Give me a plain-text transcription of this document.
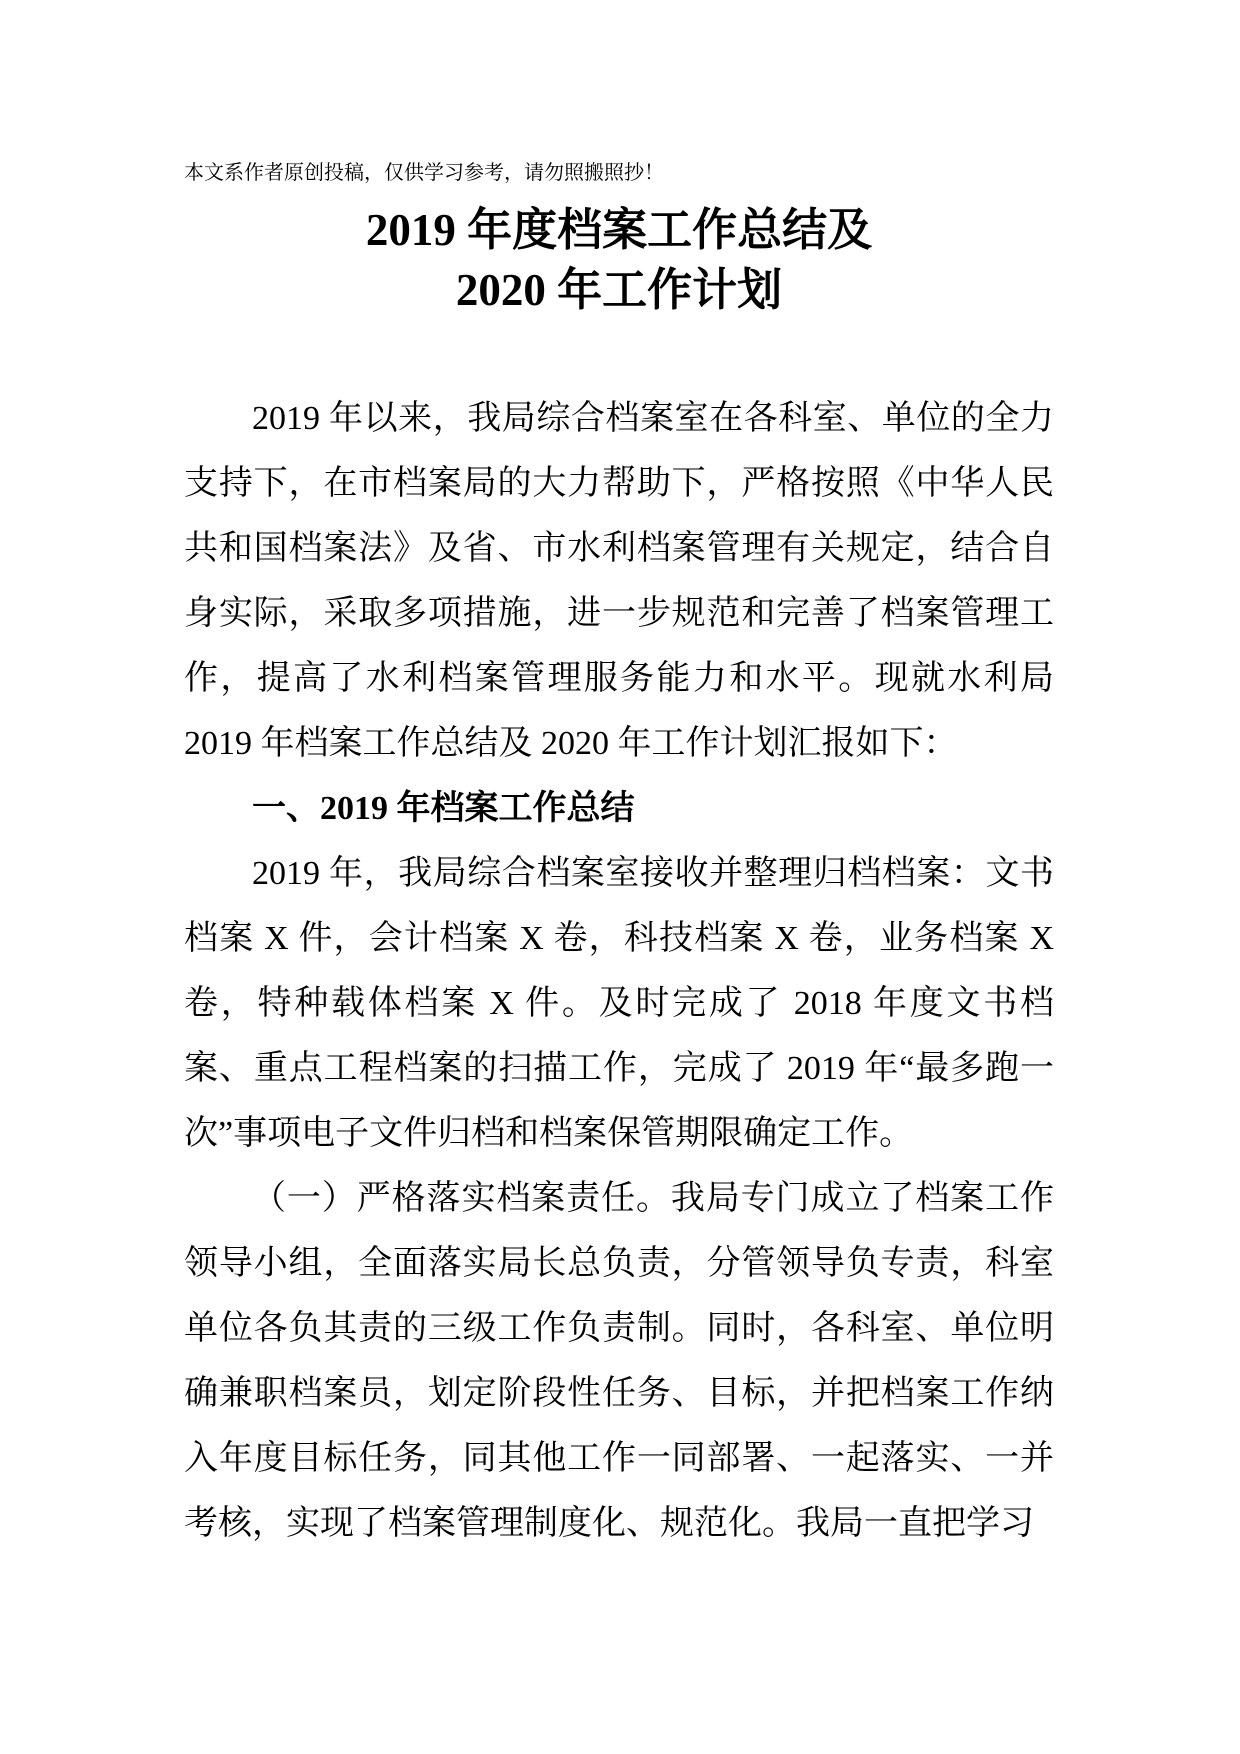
本文系作者原创投稿，仅供学习参考，请勿照搬照抄！

2019 年度档案工作总结及
2020 年工作计划

2019 年以来，我局综合档案室在各科室、单位的全力支持下，在市档案局的大力帮助下，严格按照《中华人民共和国档案法》及省、市水利档案管理有关规定，结合自身实际，采取多项措施，进一步规范和完善了档案管理工作，提高了水利档案管理服务能力和水平。现就水利局 2019 年档案工作总结及 2020 年工作计划汇报如下：

一、2019 年档案工作总结

2019 年，我局综合档案室接收并整理归档档案：文书档案 X 件，会计档案 X 卷，科技档案 X 卷，业务档案 X 卷，特种载体档案 X 件。及时完成了 2018 年度文书档案、重点工程档案的扫描工作，完成了 2019 年“最多跑一次”事项电子文件归档和档案保管期限确定工作。

（一）严格落实档案责任。我局专门成立了档案工作领导小组，全面落实局长总负责，分管领导负专责，科室单位各负其责的三级工作负责制。同时，各科室、单位明确兼职档案员，划定阶段性任务、目标，并把档案工作纳入年度目标任务，同其他工作一同部署、一起落实、一并考核，实现了档案管理制度化、规范化。我局一直把学习
